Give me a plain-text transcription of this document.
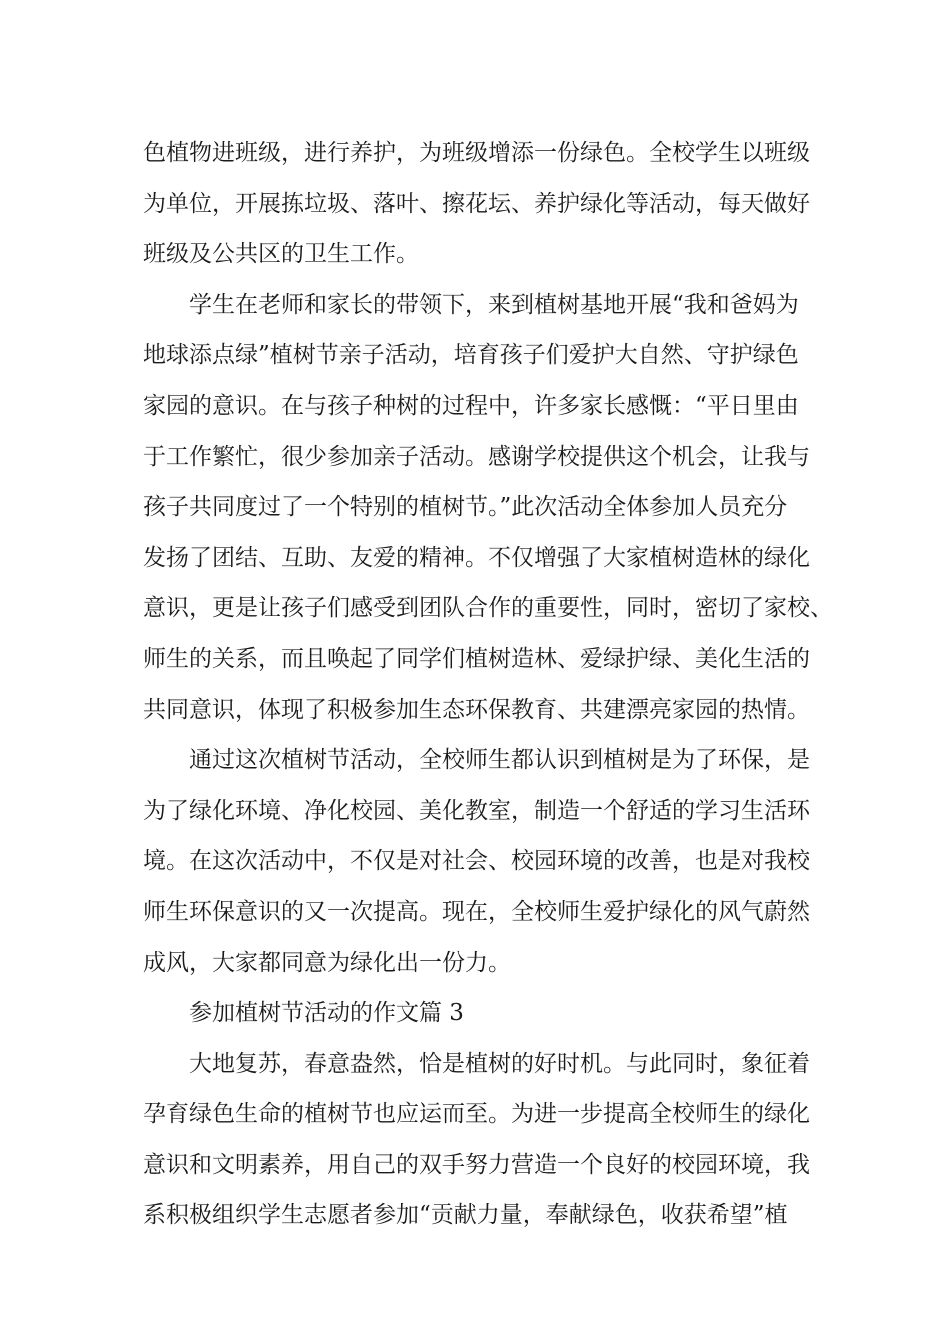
色植物进班级，进行养护，为班级增添一份绿色。全校学生以班级
为单位，开展拣垃圾、落叶、擦花坛、养护绿化等活动，每天做好
班级及公共区的卫生工作。
学生在老师和家长的带领下，来到植树基地开展“我和爸妈为
地球添点绿”植树节亲子活动，培育孩子们爱护大自然、守护绿色
家园的意识。在与孩子种树的过程中，许多家长感慨：“平日里由
于工作繁忙，很少参加亲子活动。感谢学校提供这个机会，让我与
孩子共同度过了一个特别的植树节。”此次活动全体参加人员充分
发扬了团结、互助、友爱的精神。不仅增强了大家植树造林的绿化
意识，更是让孩子们感受到团队合作的重要性，同时，密切了家校、
师生的关系，而且唤起了同学们植树造林、爱绿护绿、美化生活的
共同意识，体现了积极参加生态环保教育、共建漂亮家园的热情。
通过这次植树节活动，全校师生都认识到植树是为了环保，是
为了绿化环境、净化校园、美化教室，制造一个舒适的学习生活环
境。在这次活动中，不仅是对社会、校园环境的改善，也是对我校
师生环保意识的又一次提高。现在，全校师生爱护绿化的风气蔚然
成风，大家都同意为绿化出一份力。
参加植树节活动的作文篇 3
大地复苏，春意盎然，恰是植树的好时机。与此同时，象征着
孕育绿色生命的植树节也应运而至。为进一步提高全校师生的绿化
意识和文明素养，用自己的双手努力营造一个良好的校园环境，我
系积极组织学生志愿者参加“贡献力量，奉献绿色，收获希望”植
